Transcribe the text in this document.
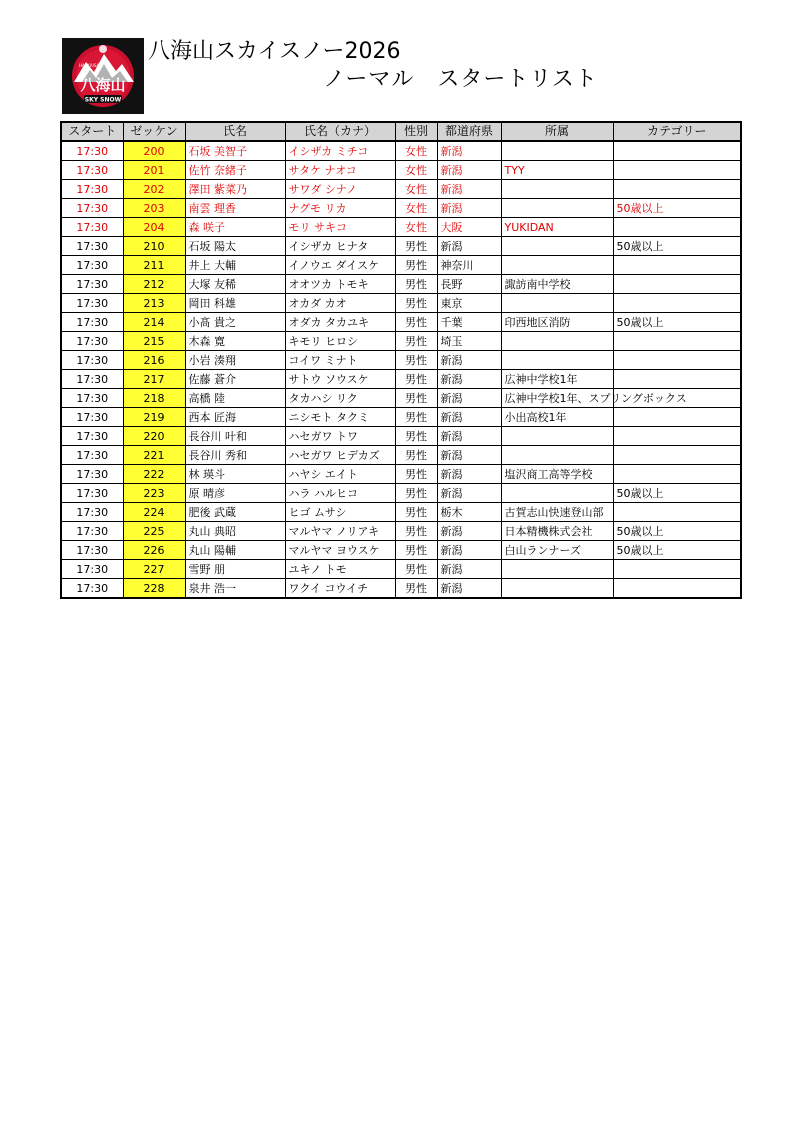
八海山
HAKKAISAN
SKY SNOW
八海山スカイスノー2026
ノーマル　スタートリスト
スタート	ゼッケン	氏名	氏名（カナ）	性別	都道府県	所属	カテゴリー
17:30	200	石坂 美智子	イシザカ ミチコ	女性	新潟		
17:30	201	佐竹 奈緒子	サタケ ナオコ	女性	新潟	TYY	
17:30	202	澤田 紫菜乃	サワダ シナノ	女性	新潟		
17:30	203	南雲 理香	ナグモ リカ	女性	新潟		50歳以上
17:30	204	森 咲子	モリ サキコ	女性	大阪	YUKIDAN	
17:30	210	石坂 陽太	イシザカ ヒナタ	男性	新潟		50歳以上
17:30	211	井上 大輔	イノウエ ダイスケ	男性	神奈川		
17:30	212	大塚 友稀	オオツカ トモキ	男性	長野	諏訪南中学校	
17:30	213	岡田 科雄	オカダ カオ	男性	東京		
17:30	214	小髙 貴之	オダカ タカユキ	男性	千葉	印西地区消防	50歳以上
17:30	215	木森 寛	キモリ ヒロシ	男性	埼玉		
17:30	216	小岩 湊翔	コイワ ミナト	男性	新潟		
17:30	217	佐藤 蒼介	サトウ ソウスケ	男性	新潟	広神中学校1年	
17:30	218	高橋 陸	タカハシ リク	男性	新潟	広神中学校1年、スプリングボックス	
17:30	219	西本 匠海	ニシモト タクミ	男性	新潟	小出高校1年	
17:30	220	長谷川 叶和	ハセガワ トワ	男性	新潟		
17:30	221	長谷川 秀和	ハセガワ ヒデカズ	男性	新潟		
17:30	222	林 瑛斗	ハヤシ エイト	男性	新潟	塩沢商工高等学校	
17:30	223	原 晴彦	ハラ ハルヒコ	男性	新潟		50歳以上
17:30	224	肥後 武蔵	ヒゴ ムサシ	男性	栃木	古賀志山快速登山部	
17:30	225	丸山 典昭	マルヤマ ノリアキ	男性	新潟	日本精機株式会社	50歳以上
17:30	226	丸山 陽輔	マルヤマ ヨウスケ	男性	新潟	白山ランナーズ	50歳以上
17:30	227	雪野 朋	ユキノ トモ	男性	新潟		
17:30	228	泉井 浩一	ワクイ コウイチ	男性	新潟		
